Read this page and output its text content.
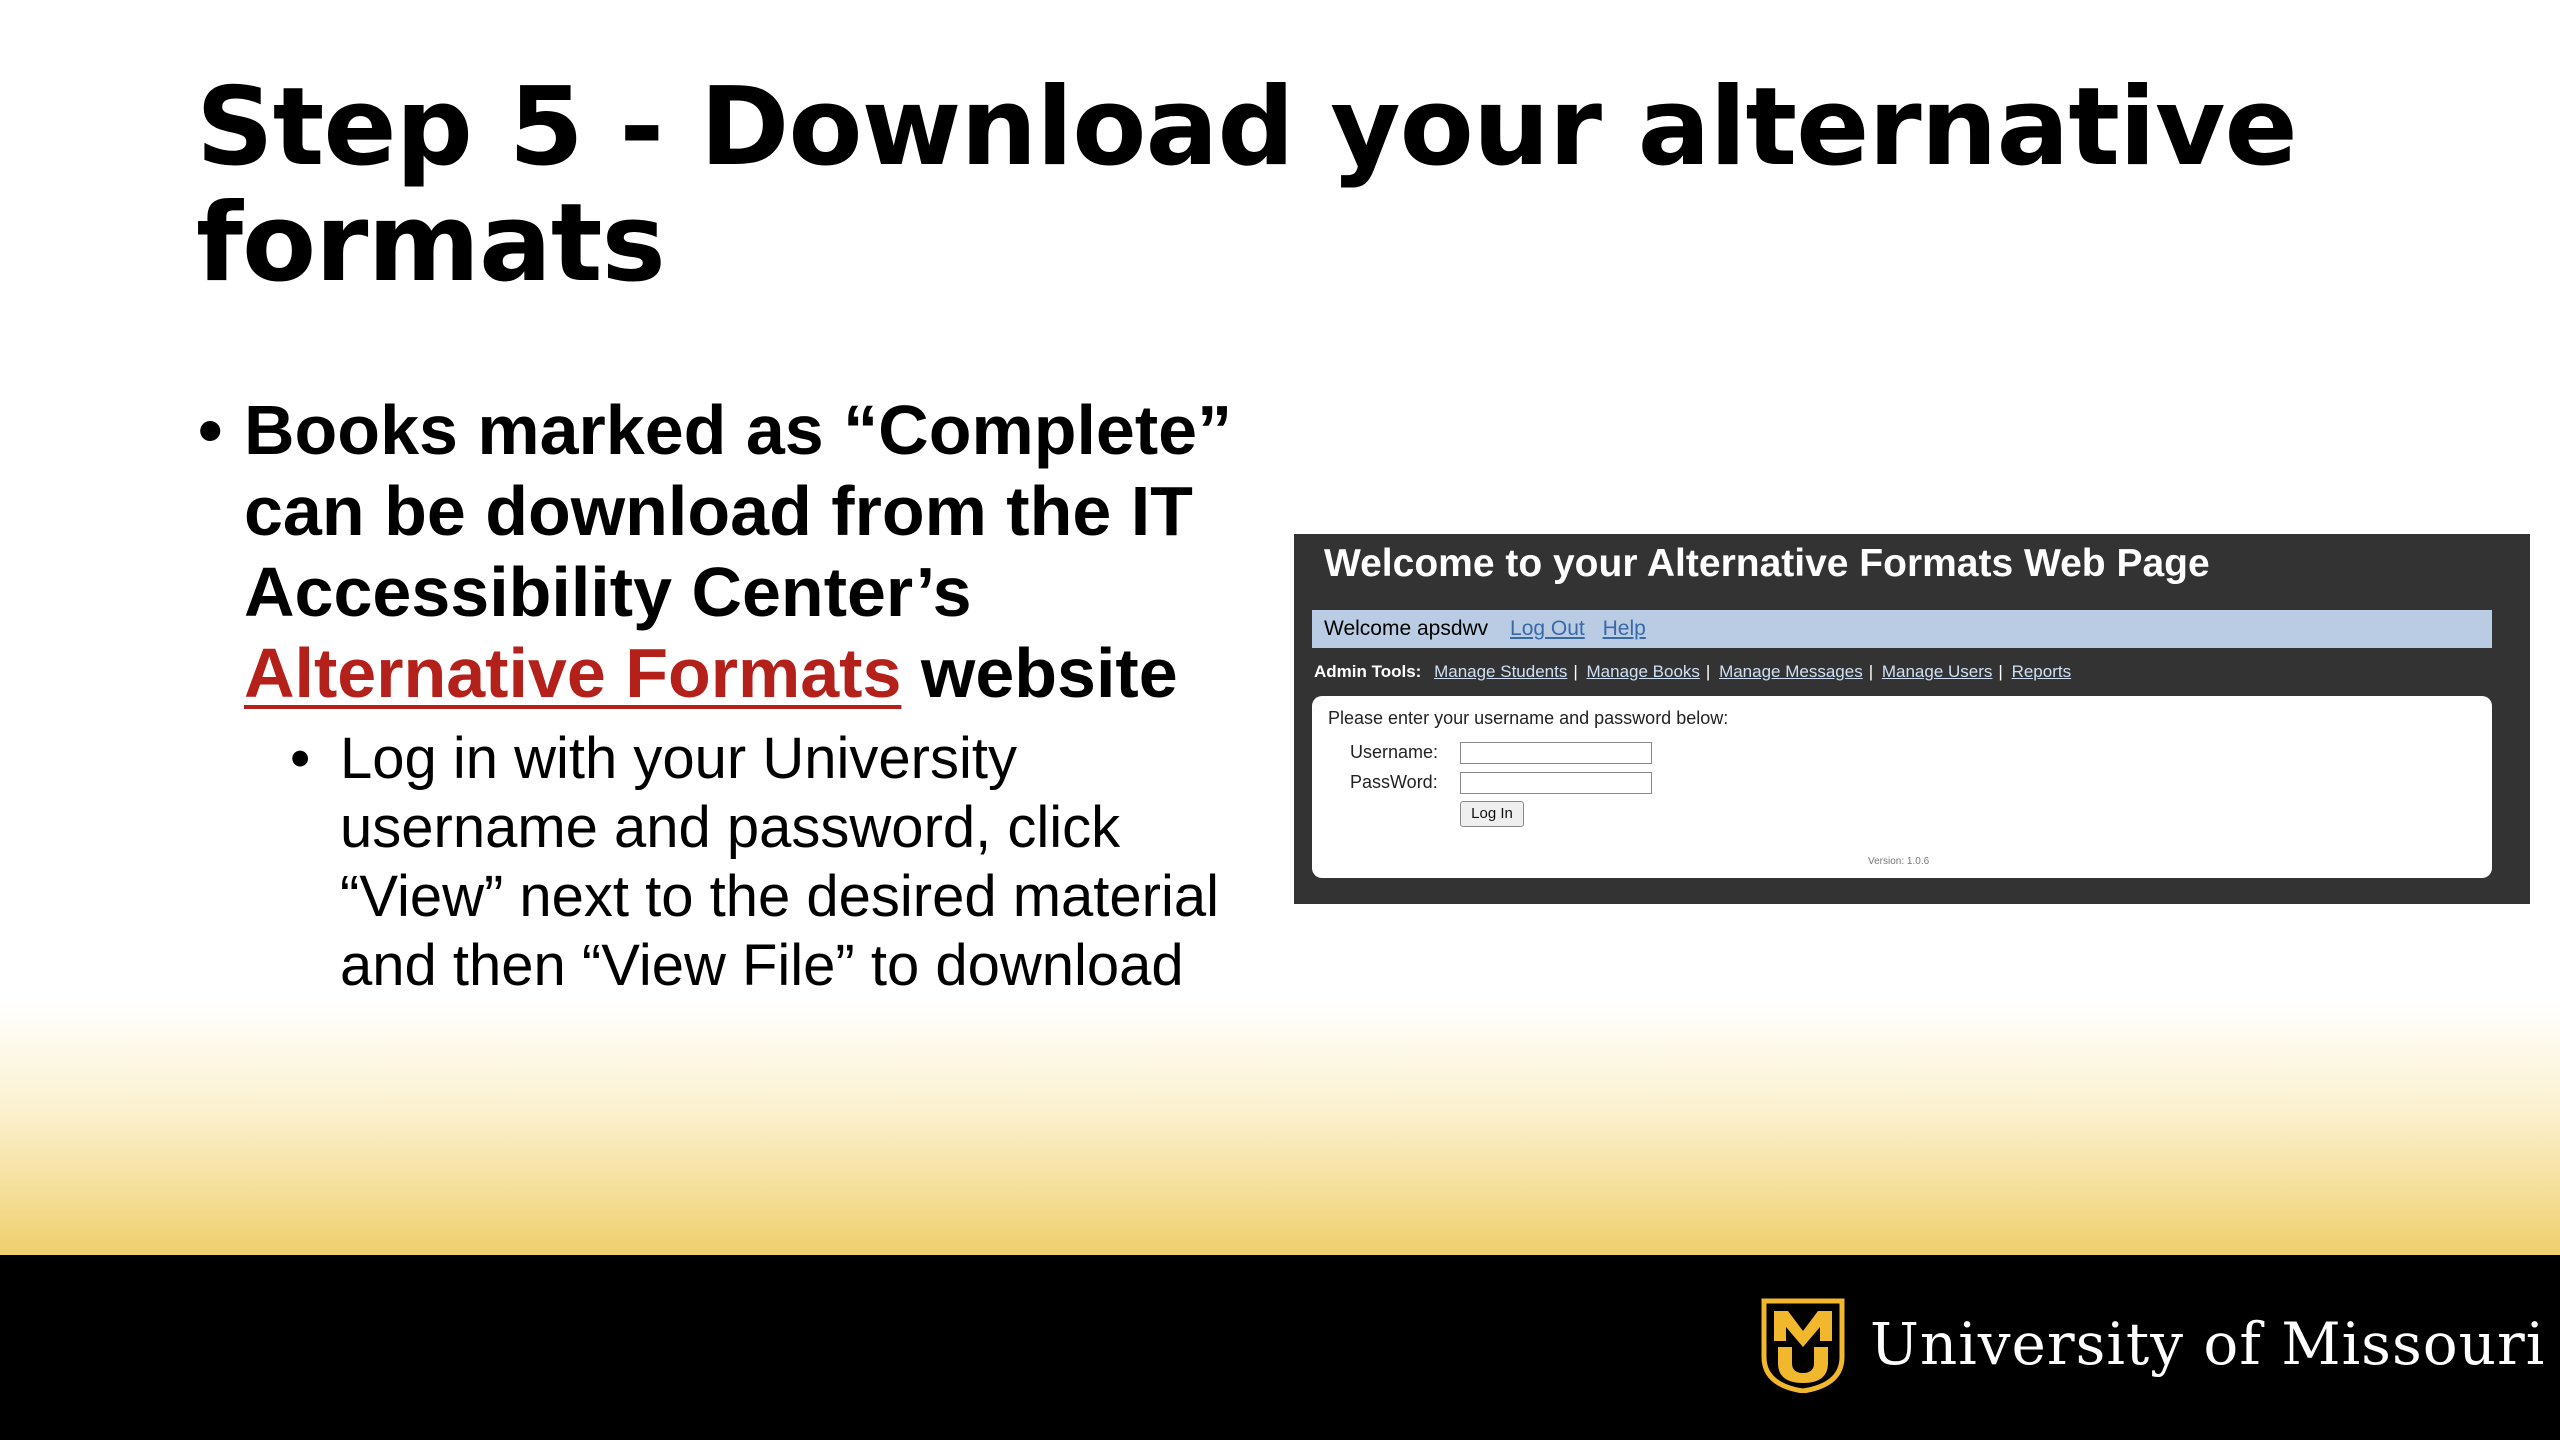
Step 5 - Download your alternative formats
• Books marked as “Complete” can be download from the IT Accessibility Center’s Alternative Formats website
• Log in with your University username and password, click “View” next to the desired material and then “View File” to download
Welcome to your Alternative Formats Web Page
Welcome apsdwv Log Out Help
Admin Tools: Manage Students | Manage Books | Manage Messages | Manage Users | Reports
Please enter your username and password below:
Username:
PassWord:
Log In
Version: 1.0.6
University of Missouri
